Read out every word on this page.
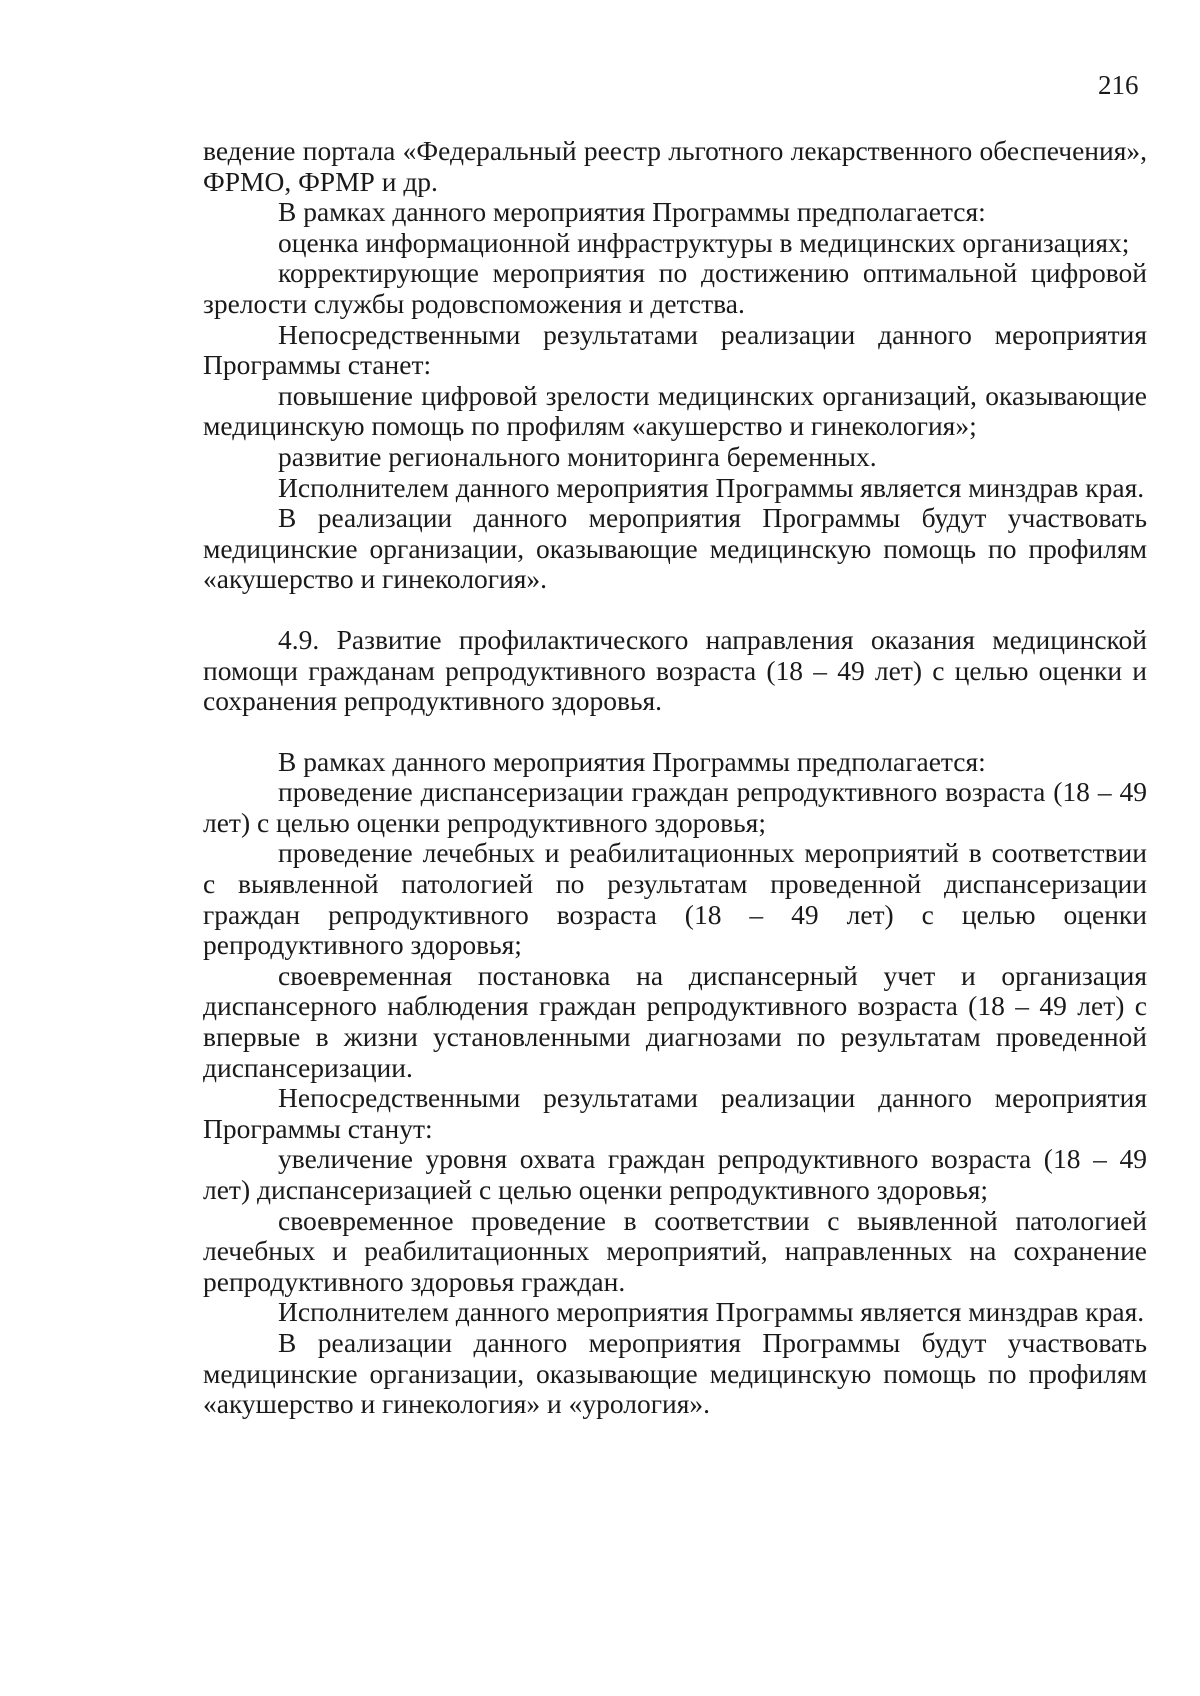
216

ведение портала «Федеральный реестр льготного лекарственного обеспечения», ФРМО, ФРМР и др.

В рамках данного мероприятия Программы предполагается:

оценка информационной инфраструктуры в медицинских организациях;

корректирующие мероприятия по достижению оптимальной цифровой зрелости службы родовспоможения и детства.

Непосредственными результатами реализации данного мероприятия Программы станет:

повышение цифровой зрелости медицинских организаций, оказывающие медицинскую помощь по профилям «акушерство и гинекология»;

развитие регионального мониторинга беременных.

Исполнителем данного мероприятия Программы является минздрав края.

В реализации данного мероприятия Программы будут участвовать медицинские организации, оказывающие медицинскую помощь по профилям «акушерство и гинекология».

4.9. Развитие профилактического направления оказания медицинской помощи гражданам репродуктивного возраста (18 – 49 лет) с целью оценки и сохранения репродуктивного здоровья.

В рамках данного мероприятия Программы предполагается:

проведение диспансеризации граждан репродуктивного возраста (18 – 49 лет) с целью оценки репродуктивного здоровья;

проведение лечебных и реабилитационных мероприятий в соответствии с выявленной патологией по результатам проведенной диспансеризации граждан репродуктивного возраста (18 – 49 лет) с целью оценки репродуктивного здоровья;

своевременная постановка на диспансерный учет и организация диспансерного наблюдения граждан репродуктивного возраста (18 – 49 лет) с впервые в жизни установленными диагнозами по результатам проведенной диспансеризации.

Непосредственными результатами реализации данного мероприятия Программы станут:

увеличение уровня охвата граждан репродуктивного возраста (18 – 49 лет) диспансеризацией с целью оценки репродуктивного здоровья;

своевременное проведение в соответствии с выявленной патологией лечебных и реабилитационных мероприятий, направленных на сохранение репродуктивного здоровья граждан.

Исполнителем данного мероприятия Программы является минздрав края.

В реализации данного мероприятия Программы будут участвовать медицинские организации, оказывающие медицинскую помощь по профилям «акушерство и гинекология» и «урология».
